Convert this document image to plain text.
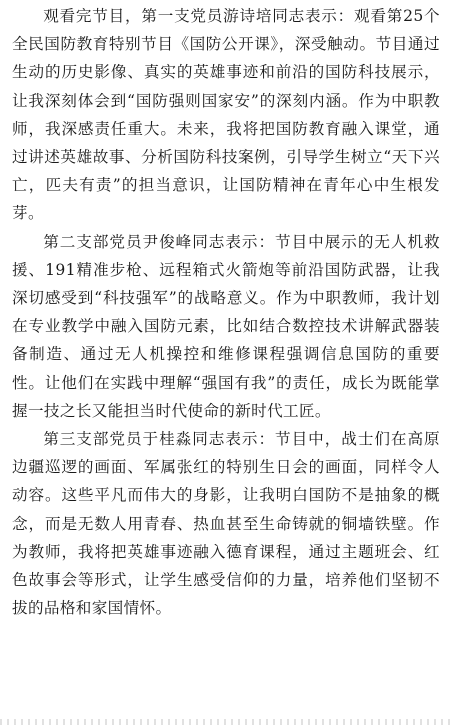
观看完节目，第一支党员游诗培同志表示：观看第25个全民国防教育特别节目《国防公开课》，深受触动。节目通过生动的历史影像、真实的英雄事迹和前沿的国防科技展示，让我深刻体会到“国防强则国家安”的深刻内涵。作为中职教师，我深感责任重大。未来，我将把国防教育融入课堂，通过讲述英雄故事、分析国防科技案例，引导学生树立“天下兴亡，匹夫有责”的担当意识，让国防精神在青年心中生根发芽。

第二支部党员尹俊峰同志表示：节目中展示的无人机救援、191精准步枪、远程箱式火箭炮等前沿国防武器，让我深切感受到“科技强军”的战略意义。作为中职教师，我计划在专业教学中融入国防元素，比如结合数控技术讲解武器装备制造、通过无人机操控和维修课程强调信息国防的重要性。让他们在实践中理解“强国有我”的责任，成长为既能掌握一技之长又能担当时代使命的新时代工匠。

第三支部党员于桂淼同志表示：节目中，战士们在高原边疆巡逻的画面、军属张红的特别生日会的画面，同样令人动容。这些平凡而伟大的身影，让我明白国防不是抽象的概念，而是无数人用青春、热血甚至生命铸就的铜墙铁壁。作为教师，我将把英雄事迹融入德育课程，通过主题班会、红色故事会等形式，让学生感受信仰的力量，培养他们坚韧不拔的品格和家国情怀。
